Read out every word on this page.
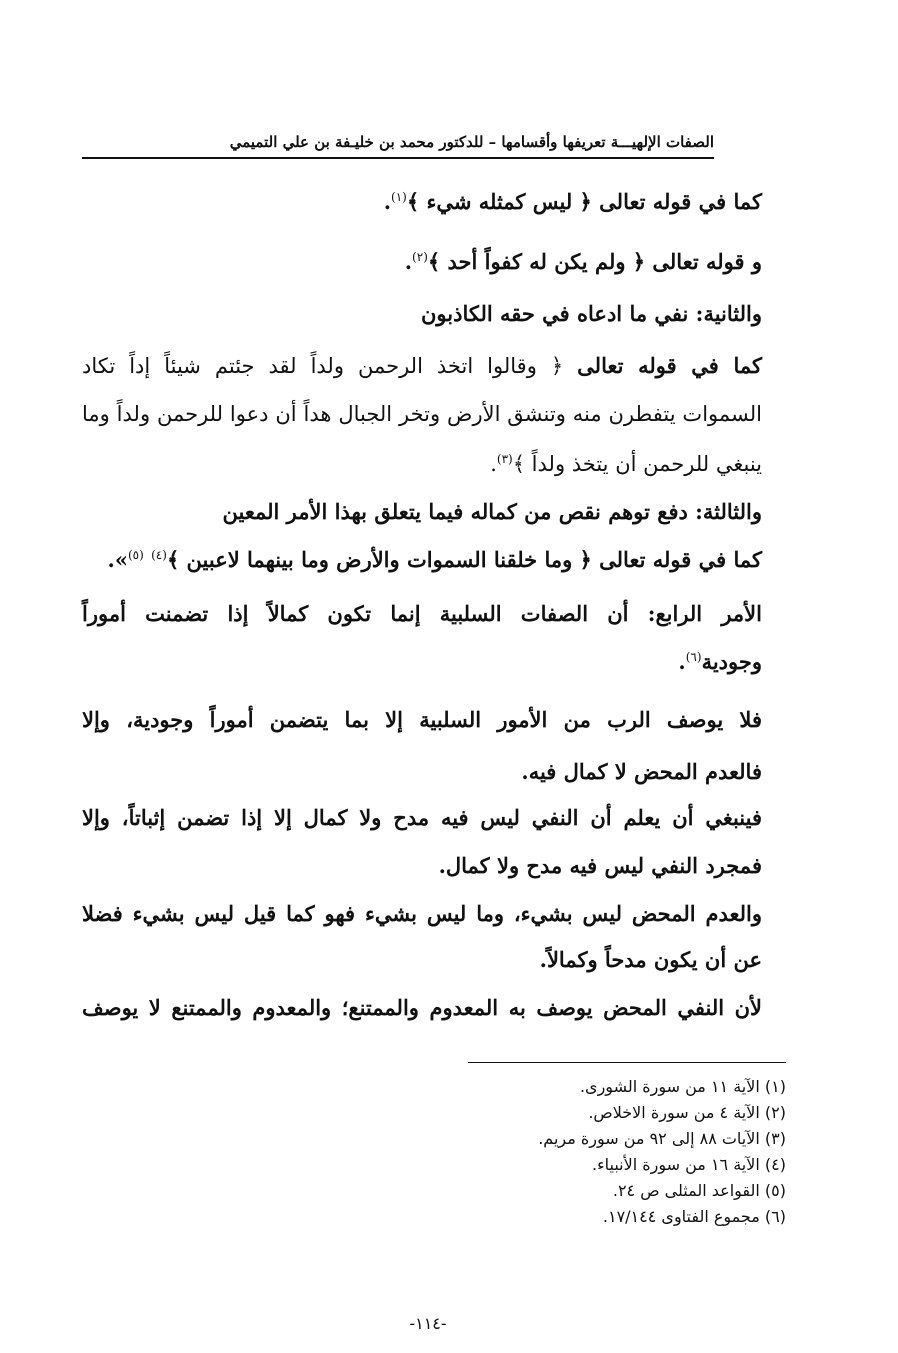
الصفات الإلهيـــة تعريفها وأقسامها – للدكتور محمد بن خليـفة بن علي التميمي
كما في قوله تعالى ﴿ ليس كمثله شيء ﴾$^{(١)}$.
و قوله تعالى ﴿ ولم يكن له كفواً أحد ﴾$^{(٢)}$.
والثانية: نفي ما ادعاه في حقه الكاذبون
كما في قوله تعالى ﴿ وقالوا اتخذ الرحمن ولداً لقد جئتم شيئاً إداً تكاد
السموات يتفطرن منه وتنشق الأرض وتخر الجبال هداً أن دعوا للرحمن ولداً وما
ينبغي للرحمن أن يتخذ ولداً ﴾$^{(٣)}$.
والثالثة: دفع توهم نقص من كماله فيما يتعلق بهذا الأمر المعين
كما في قوله تعالى ﴿ وما خلقنا السموات والأرض وما بينهما لاعبين ﴾$^{(٤)}$ $^{(٥)}$».
الأمر الرابع: أن الصفات السلبية إنما تكون كمالاً إذا تضمنت أموراً
وجودية$^{(٦)}$.
فلا يوصف الرب من الأمور السلبية إلا بما يتضمن أموراً وجودية، وإلا
فالعدم المحض لا كمال فيه.
فينبغي أن يعلم أن النفي ليس فيه مدح ولا كمال إلا إذا تضمن إثباتاً، وإلا
فمجرد النفي ليس فيه مدح ولا كمال.
والعدم المحض ليس بشيء، وما ليس بشيء فهو كما قيل ليس بشيء فضلا
عن أن يكون مدحاً وكمالاً.
لأن النفي المحض يوصف به المعدوم والممتنع؛ والمعدوم والممتنع لا يوصف
(١) الآية ١١ من سورة الشورى.
(٢) الآية ٤ من سورة الاخلاص.
(٣) الآيات ٨٨ إلى ٩٢ من سورة مريم.
(٤) الآية ١٦ من سورة الأنبياء.
(٥) القواعد المثلى ص ٢٤.
(٦) مجموع الفتاوى ١٧/١٤٤.
-١١٤-
